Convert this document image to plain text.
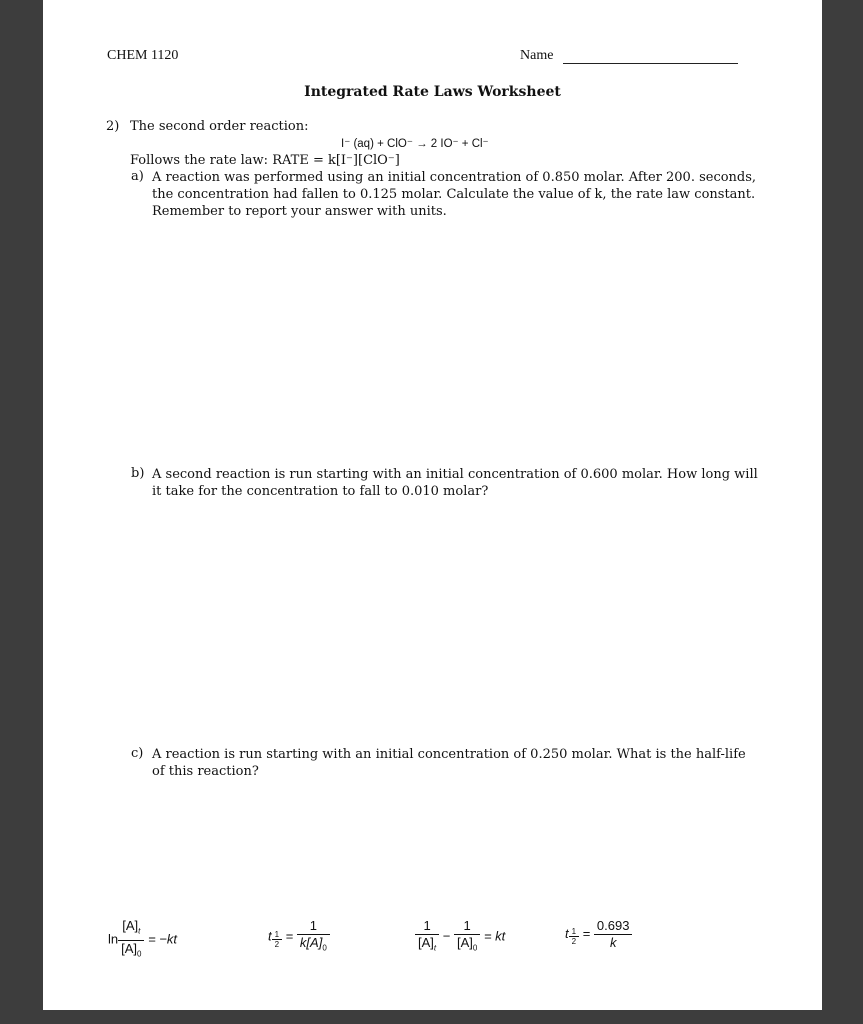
CHEM 1120	Name
Integrated Rate Laws Worksheet
2) The second order reaction:
I⁻ (aq) + ClO⁻ → 2 IO⁻ + Cl⁻
Follows the rate law: RATE = k[I⁻][ClO⁻]
a) A reaction was performed using an initial concentration of 0.850 molar. After 200. seconds, the concentration had fallen to 0.125 molar. Calculate the value of k, the rate law constant. Remember to report your answer with units.
b) A second reaction is run starting with an initial concentration of 0.600 molar. How long will it take for the concentration to fall to 0.010 molar?
c) A reaction is run starting with an initial concentration of 0.250 molar. What is the half-life of this reaction?
$\ln \frac{[A]_t}{[A]_0} = -kt$	t $\frac{1}{2} = \frac{1}{k[A]_0}$	$\frac{1}{[A]_t} - \frac{1}{[A]_0}$ = kt	t $\frac{1}{2} = \frac{0.693}{k}$
